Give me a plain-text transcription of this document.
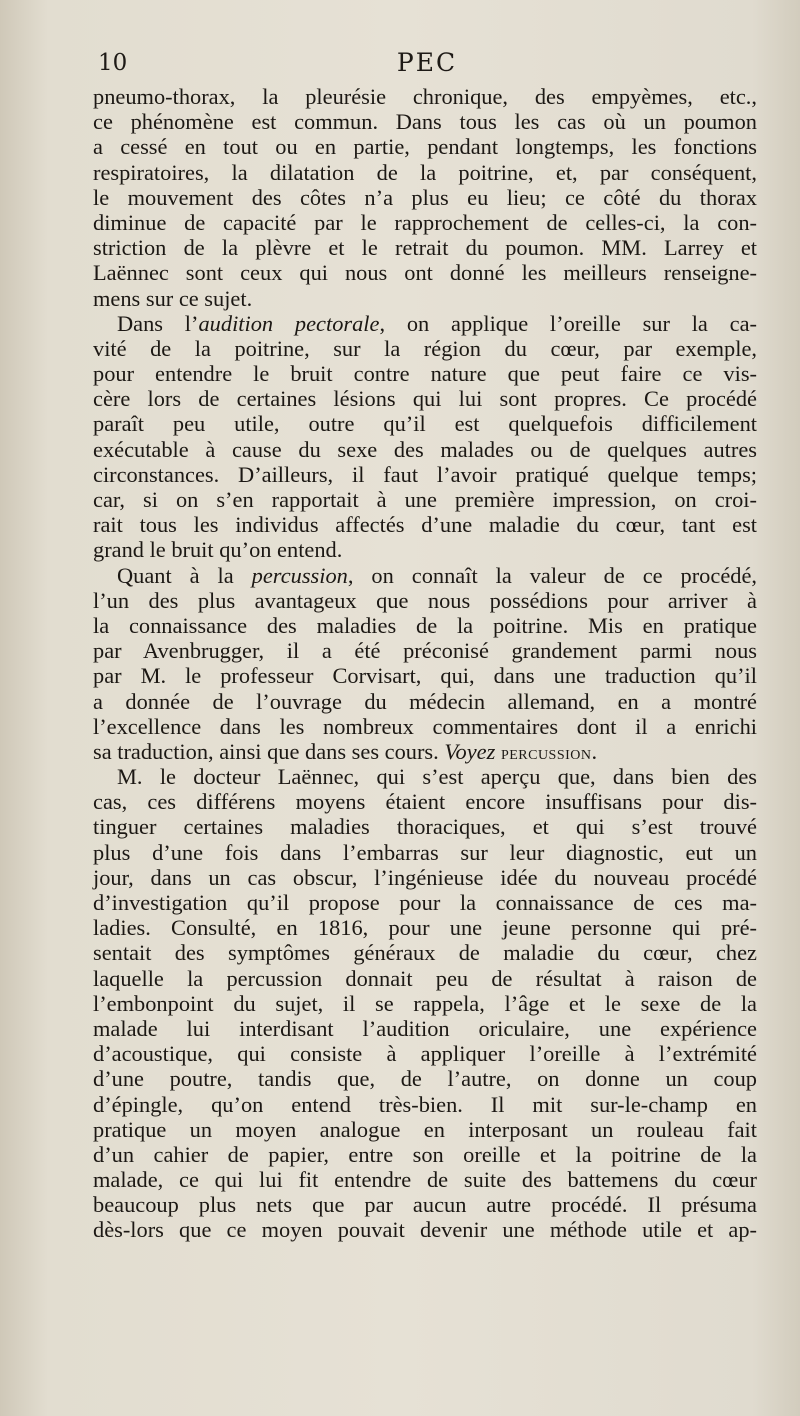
10	PEC
pneumo-thorax, la pleurésie chronique, des empyèmes, etc.,
ce phénomène est commun. Dans tous les cas où un poumon
a cessé en tout ou en partie, pendant longtemps, les fonctions
respiratoires, la dilatation de la poitrine, et, par conséquent,
le mouvement des côtes n’a plus eu lieu; ce côté du thorax
diminue de capacité par le rapprochement de celles-ci, la con-
striction de la plèvre et le retrait du poumon. MM. Larrey et
Laënnec sont ceux qui nous ont donné les meilleurs renseigne-
mens sur ce sujet.
Dans l’audition pectorale, on applique l’oreille sur la ca-
vité de la poitrine, sur la région du cœur, par exemple,
pour entendre le bruit contre nature que peut faire ce vis-
cère lors de certaines lésions qui lui sont propres. Ce procédé
paraît peu utile, outre qu’il est quelquefois difficilement
exécutable à cause du sexe des malades ou de quelques autres
circonstances. D’ailleurs, il faut l’avoir pratiqué quelque temps;
car, si on s’en rapportait à une première impression, on croi-
rait tous les individus affectés d’une maladie du cœur, tant est
grand le bruit qu’on entend.
Quant à la percussion, on connaît la valeur de ce procédé,
l’un des plus avantageux que nous possédions pour arriver à
la connaissance des maladies de la poitrine. Mis en pratique
par Avenbrugger, il a été préconisé grandement parmi nous
par M. le professeur Corvisart, qui, dans une traduction qu’il
a donnée de l’ouvrage du médecin allemand, en a montré
l’excellence dans les nombreux commentaires dont il a enrichi
sa traduction, ainsi que dans ses cours. Voyez PERCUSSION.
M. le docteur Laënnec, qui s’est aperçu que, dans bien des
cas, ces différens moyens étaient encore insuffisans pour dis-
tinguer certaines maladies thoraciques, et qui s’est trouvé
plus d’une fois dans l’embarras sur leur diagnostic, eut un
jour, dans un cas obscur, l’ingénieuse idée du nouveau procédé
d’investigation qu’il propose pour la connaissance de ces ma-
ladies. Consulté, en 1816, pour une jeune personne qui pré-
sentait des symptômes généraux de maladie du cœur, chez
laquelle la percussion donnait peu de résultat à raison de
l’embonpoint du sujet, il se rappela, l’âge et le sexe de la
malade lui interdisant l’audition oriculaire, une expérience
d’acoustique, qui consiste à appliquer l’oreille à l’extrémité
d’une poutre, tandis que, de l’autre, on donne un coup
d’épingle, qu’on entend très-bien. Il mit sur-le-champ en
pratique un moyen analogue en interposant un rouleau fait
d’un cahier de papier, entre son oreille et la poitrine de la
malade, ce qui lui fit entendre de suite des battemens du cœur
beaucoup plus nets que par aucun autre procédé. Il présuma
dès-lors que ce moyen pouvait devenir une méthode utile et ap-
